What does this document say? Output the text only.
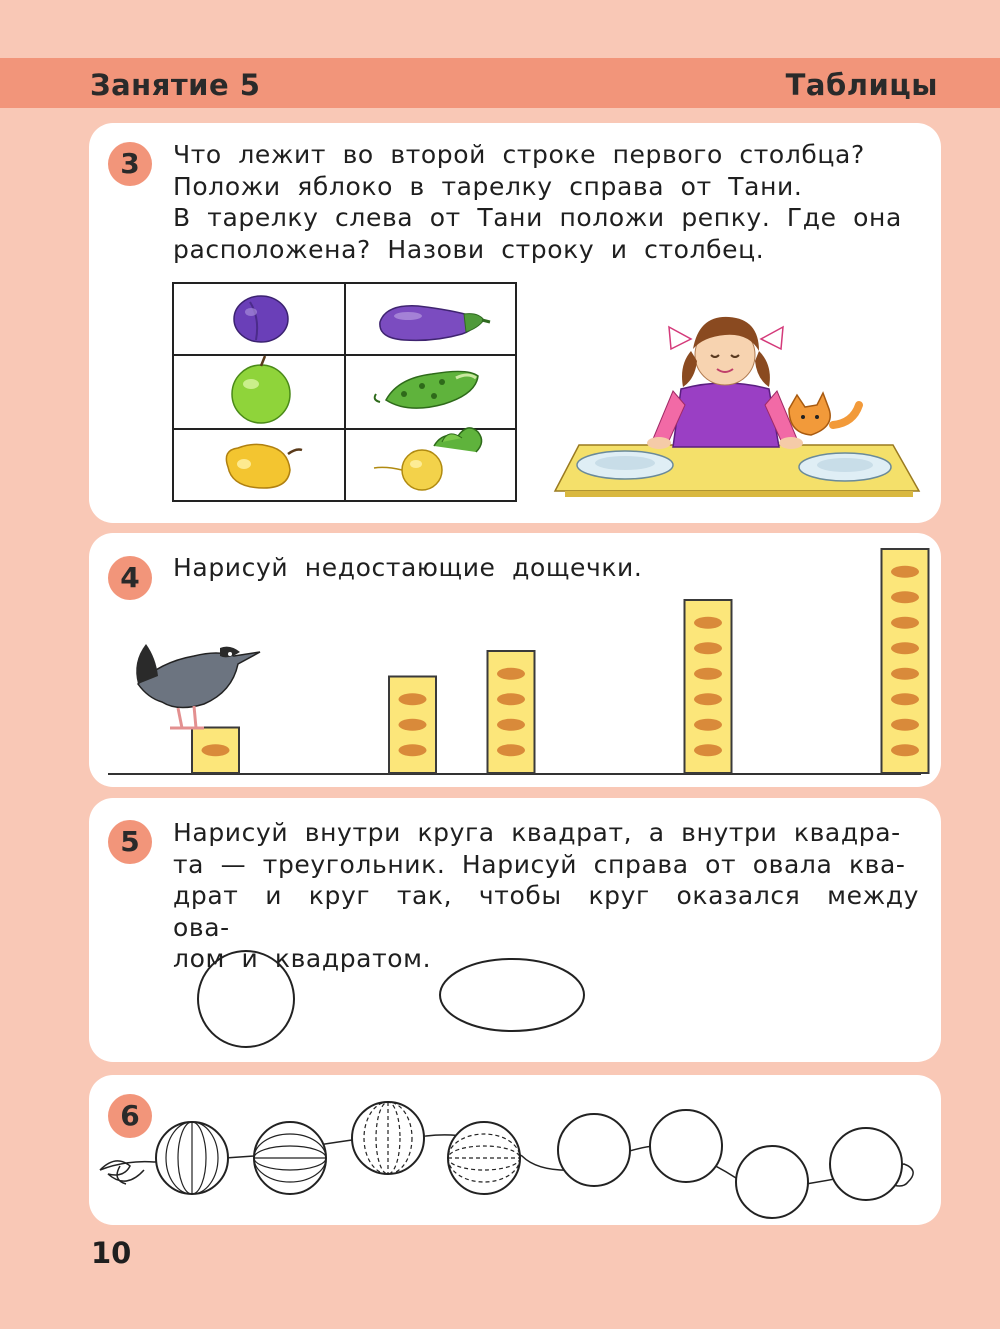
Занятие 5	Таблицы
3	Что лежит во второй строке первого столбца?
Положи яблоко в тарелку справа от Тани.
В тарелку слева от Тани положи репку. Где она
расположена? Назови строку и столбец.
4	Нарисуй недостающие дощечки.
5	Нарисуй внутри круга квадрат, а внутри квадра-
та — треугольник. Нарисуй справа от овала ква-
драт и круг так, чтобы круг оказался между ова-
лом и квадратом.
6
10
